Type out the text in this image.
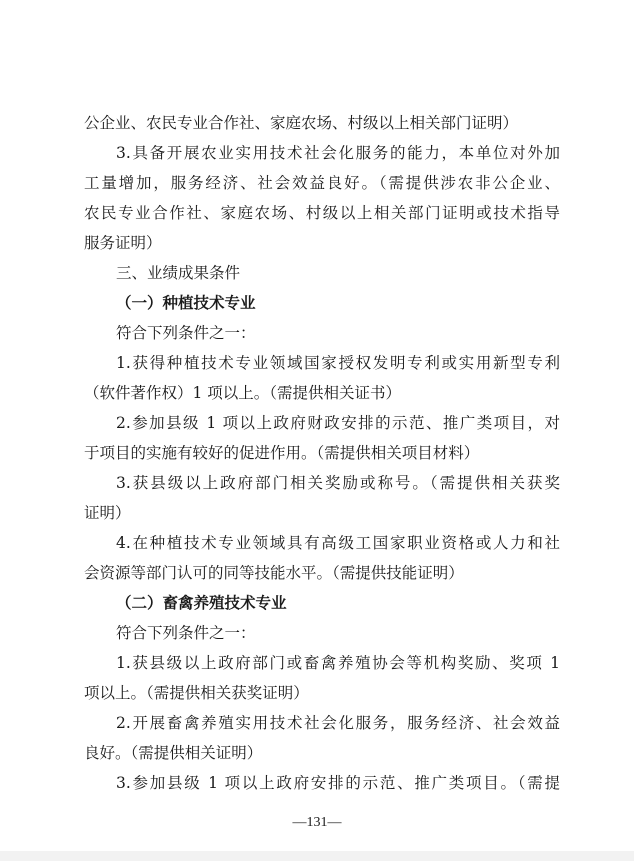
公企业、农民专业合作社、家庭农场、村级以上相关部门证明）
3.具备开展农业实用技术社会化服务的能力，本单位对外加
工量增加，服务经济、社会效益良好。（需提供涉农非公企业、
农民专业合作社、家庭农场、村级以上相关部门证明或技术指导
服务证明）
三、业绩成果条件
（一）种植技术专业
符合下列条件之一：
1.获得种植技术专业领域国家授权发明专利或实用新型专利
（软件著作权）1 项以上。（需提供相关证书）
2.参加县级 1 项以上政府财政安排的示范、推广类项目，对
于项目的实施有较好的促进作用。（需提供相关项目材料）
3.获县级以上政府部门相关奖励或称号。（需提供相关获奖
证明）
4.在种植技术专业领域具有高级工国家职业资格或人力和社
会资源等部门认可的同等技能水平。（需提供技能证明）
（二）畜禽养殖技术专业
符合下列条件之一：
1.获县级以上政府部门或畜禽养殖协会等机构奖励、奖项 1
项以上。（需提供相关获奖证明）
2.开展畜禽养殖实用技术社会化服务，服务经济、社会效益
良好。（需提供相关证明）
3.参加县级 1 项以上政府安排的示范、推广类项目。（需提
—131—
